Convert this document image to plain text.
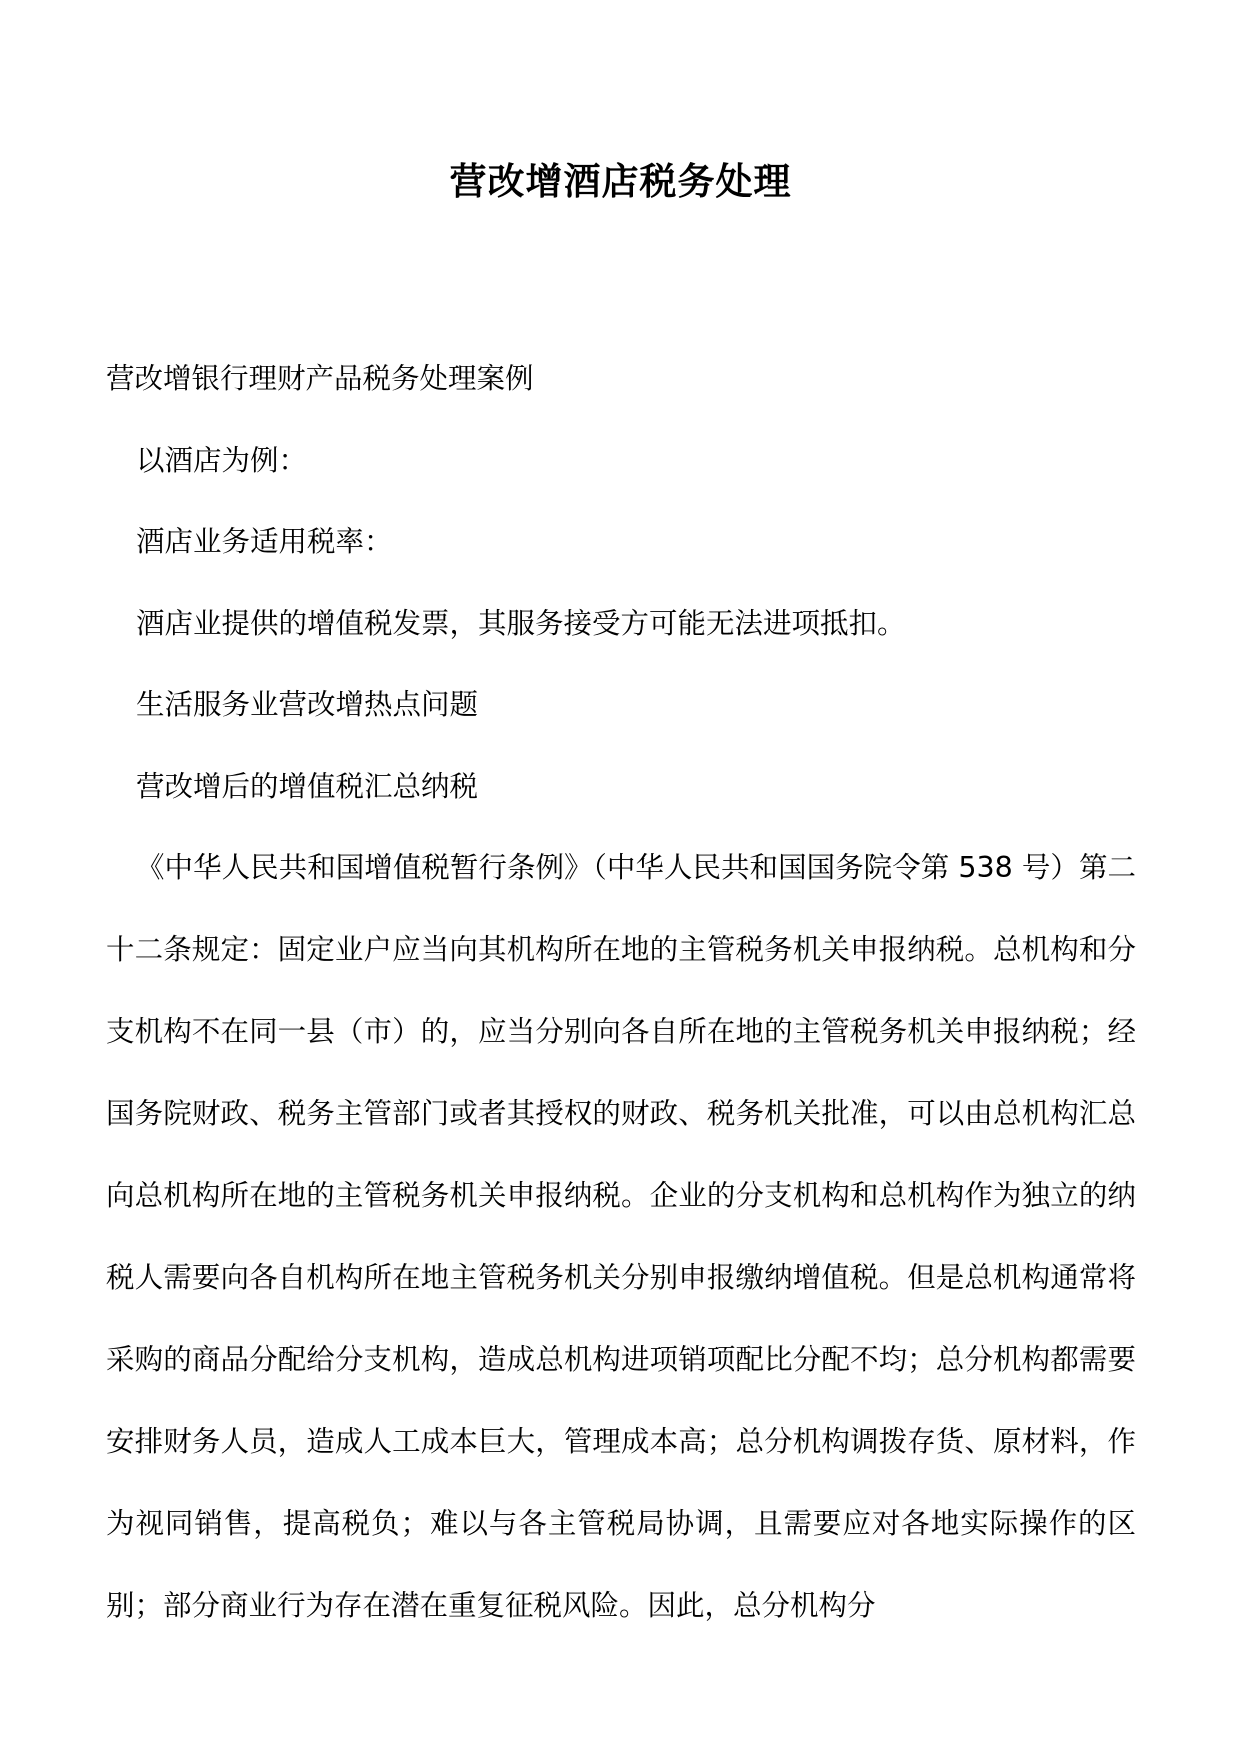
营改增酒店税务处理

营改增银行理财产品税务处理案例

以酒店为例：

酒店业务适用税率：

酒店业提供的增值税发票，其服务接受方可能无法进项抵扣。

生活服务业营改增热点问题

营改增后的增值税汇总纳税

《中华人民共和国增值税暂行条例》（中华人民共和国国务院令第 538 号）第二十二条规定：固定业户应当向其机构所在地的主管税务机关申报纳税。总机构和分支机构不在同一县（市）的，应当分别向各自所在地的主管税务机关申报纳税；经国务院财政、税务主管部门或者其授权的财政、税务机关批准，可以由总机构汇总向总机构所在地的主管税务机关申报纳税。企业的分支机构和总机构作为独立的纳税人需要向各自机构所在地主管税务机关分别申报缴纳增值税。但是总机构通常将采购的商品分配给分支机构，造成总机构进项销项配比分配不均；总分机构都需要安排财务人员，造成人工成本巨大，管理成本高；总分机构调拨存货、原材料，作为视同销售，提高税负；难以与各主管税局协调，且需要应对各地实际操作的区别；部分商业行为存在潜在重复征税风险。因此，总分机构分
